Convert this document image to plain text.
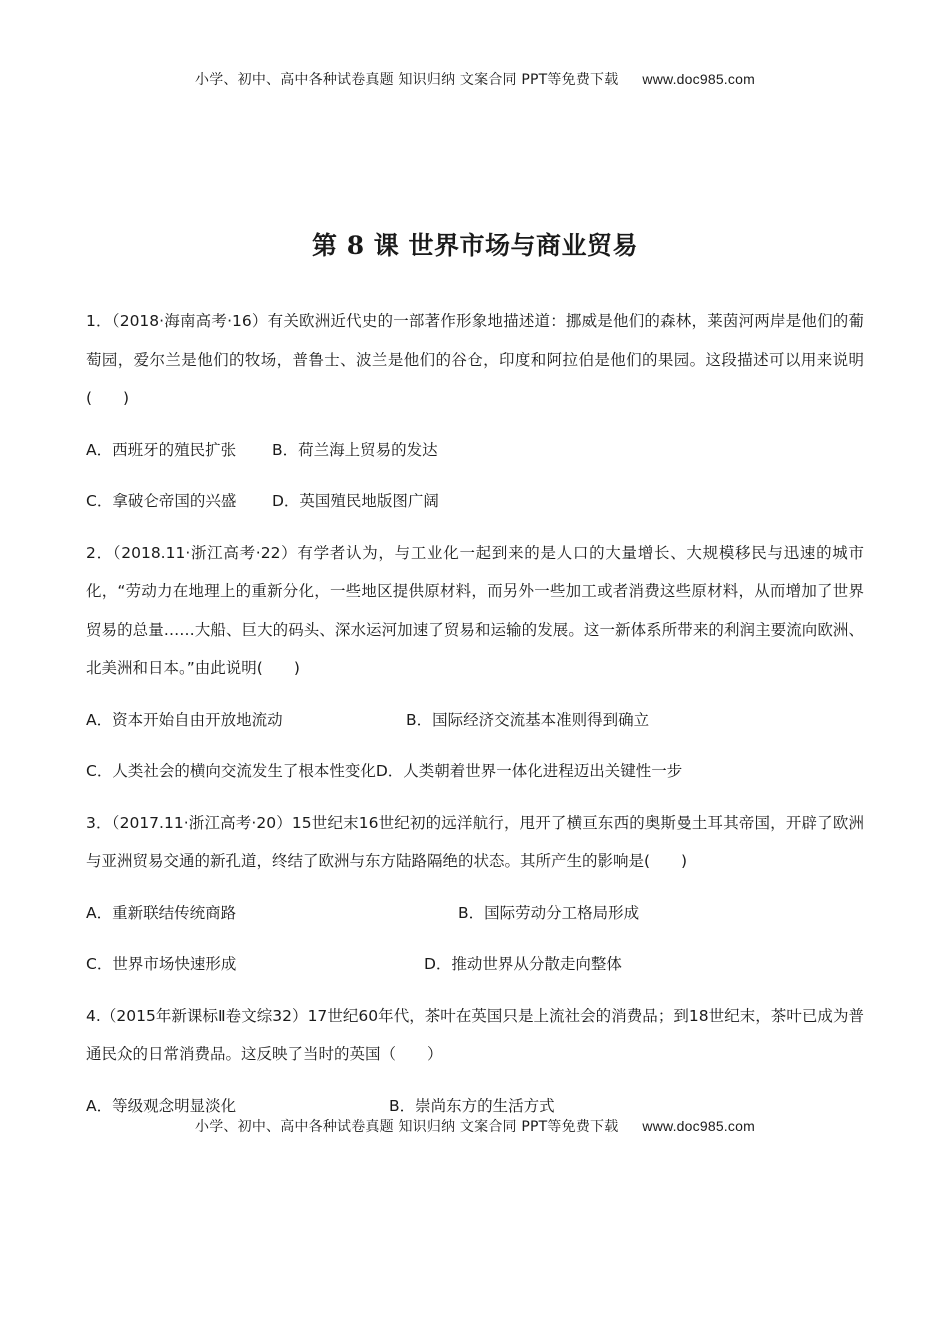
小学、初中、高中各种试卷真题 知识归纳 文案合同 PPT等免费下载 www.doc985.com
第 8 课 世界市场与商业贸易

1．（2018·海南高考·16）有关欧洲近代史的一部著作形象地描述道：挪威是他们的森林，莱茵河两岸是他们的葡萄园，爱尔兰是他们的牧场，普鲁士、波兰是他们的谷仓，印度和阿拉伯是他们的果园。这段描述可以用来说明(　　)

A．西班牙的殖民扩张	B．荷兰海上贸易的发达
C．拿破仑帝国的兴盛	D．英国殖民地版图广阔

2．（2018.11·浙江高考·22）有学者认为，与工业化一起到来的是人口的大量增长、大规模移民与迅速的城市化，“劳动力在地理上的重新分化，一些地区提供原材料，而另外一些加工或者消费这些原材料，从而增加了世界贸易的总量……大船、巨大的码头、深水运河加速了贸易和运输的发展。这一新体系所带来的利润主要流向欧洲、北美洲和日本。”由此说明(　　)

A．资本开始自由开放地流动	B．国际经济交流基本准则得到确立
C．人类社会的横向交流发生了根本性变化 D．人类朝着世界一体化进程迈出关键性一步

3．（2017.11·浙江高考·20）15世纪末16世纪初的远洋航行，甩开了横亘东西的奥斯曼土耳其帝国，开辟了欧洲与亚洲贸易交通的新孔道，终结了欧洲与东方陆路隔绝的状态。其所产生的影响是(　　)

A．重新联结传统商路	B．国际劳动分工格局形成
C．世界市场快速形成	D．推动世界从分散走向整体

4.（2015年新课标Ⅱ卷文综32）17世纪60年代，茶叶在英国只是上流社会的消费品；到18世纪末，茶叶已成为普通民众的日常消费品。这反映了当时的英国（　　）

A．等级观念明显淡化	B．崇尚东方的生活方式
小学、初中、高中各种试卷真题 知识归纳 文案合同 PPT等免费下载 www.doc985.com
